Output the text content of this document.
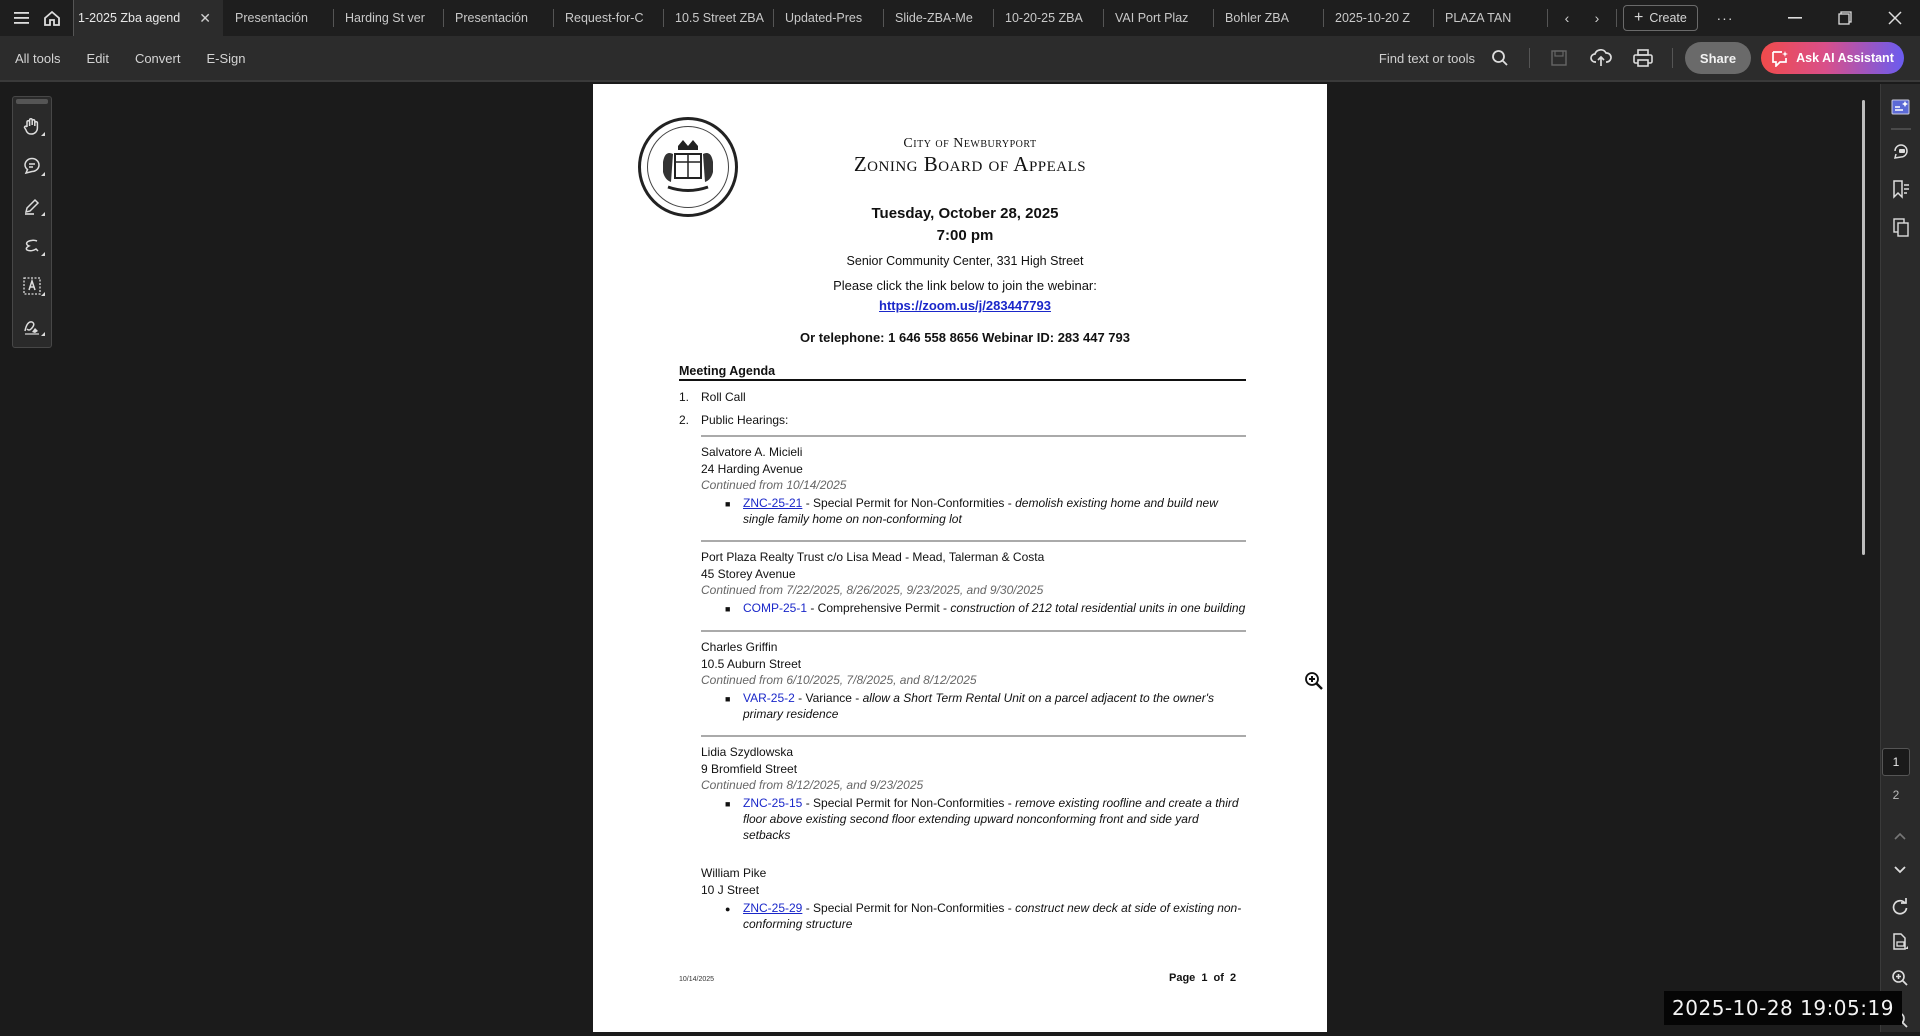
1-2025 Zba agend	✕ Presentación	Harding St ver Presentación	Request-for-C	10.5 Street ZBA Updated-Pres	Slide-ZBA-Me	10-20-25 ZBA	VAI Port Plaz	Bohler ZBA	2025-10-20 Z	PLAZA TAN	‹	›	+ Create	···
All tools	Edit	Convert	E-Sign	Find text or tools	Share	Ask AI Assistant
City of Newburyport
Zoning Board of Appeals
Tuesday, October 28, 2025
7:00 pm
Senior Community Center, 331 High Street
Please click the link below to join the webinar:
https://zoom.us/j/283447793
Or telephone: 1 646 558 8656 Webinar ID: 283 447 793
Meeting Agenda
1. Roll Call
2. Public Hearings:
Salvatore A. Micieli
24 Harding Avenue
Continued from 10/14/2025
■	ZNC-25-21 - Special Permit for Non-Conformities - demolish existing home and build new single family home on non-conforming lot
Port Plaza Realty Trust c/o Lisa Mead - Mead, Talerman & Costa
45 Storey Avenue
Continued from 7/22/2025, 8/26/2025, 9/23/2025, and 9/30/2025
■	COMP-25-1 - Comprehensive Permit - construction of 212 total residential units in one building
Charles Griffin
10.5 Auburn Street
Continued from 6/10/2025, 7/8/2025, and 8/12/2025
■	VAR-25-2 - Variance - allow a Short Term Rental Unit on a parcel adjacent to the owner's primary residence
Lidia Szydlowska
9 Bromfield Street
Continued from 8/12/2025, and 9/23/2025
■	ZNC-25-15 - Special Permit for Non-Conformities - remove existing roofline and create a third floor above existing second floor extending upward nonconforming front and side yard setbacks
William Pike
10 J Street
●	ZNC-25-29 - Special Permit for Non-Conformities - construct new deck at side of existing non-conforming structure
10/14/2025	Page 1 of 2
1
2
2025-10-28 19:05:19
